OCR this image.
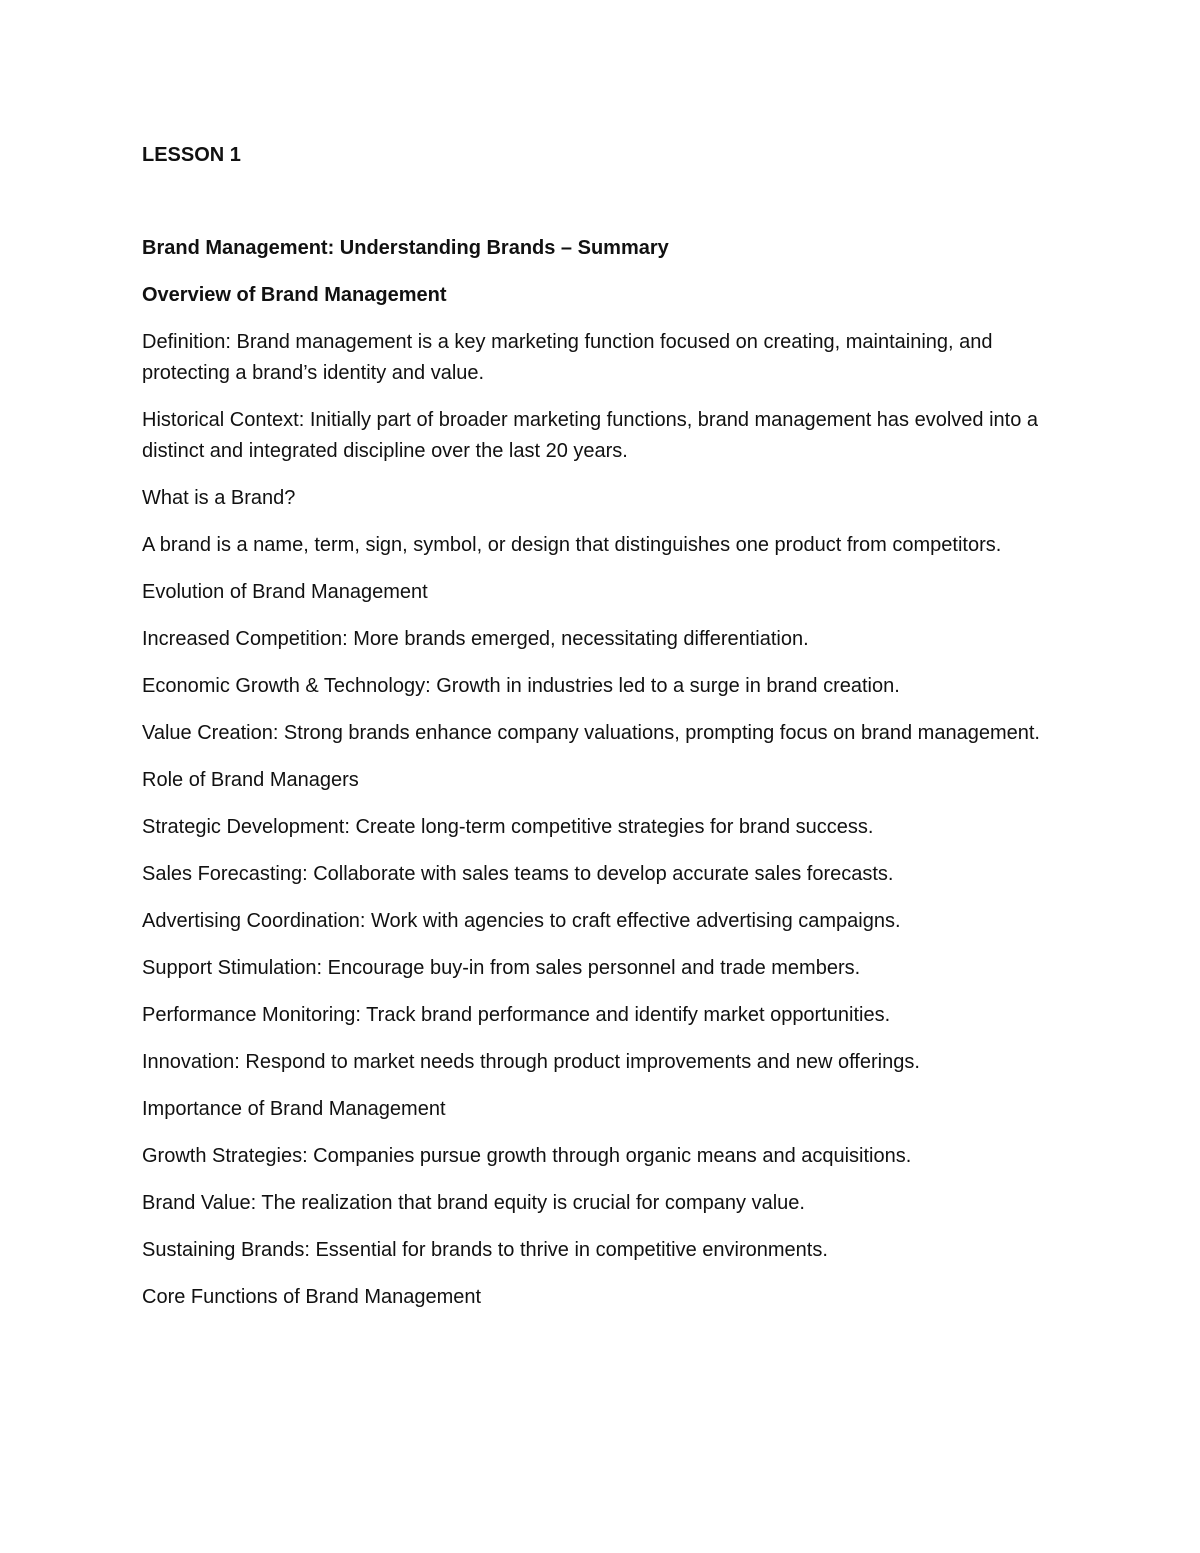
LESSON 1

Brand Management: Understanding Brands – Summary

Overview of Brand Management

Definition: Brand management is a key marketing function focused on creating, maintaining, and protecting a brand’s identity and value.

Historical Context: Initially part of broader marketing functions, brand management has evolved into a distinct and integrated discipline over the last 20 years.

What is a Brand?

A brand is a name, term, sign, symbol, or design that distinguishes one product from competitors.

Evolution of Brand Management

Increased Competition: More brands emerged, necessitating differentiation.

Economic Growth & Technology: Growth in industries led to a surge in brand creation.

Value Creation: Strong brands enhance company valuations, prompting focus on brand management.

Role of Brand Managers

Strategic Development: Create long-term competitive strategies for brand success.

Sales Forecasting: Collaborate with sales teams to develop accurate sales forecasts.

Advertising Coordination: Work with agencies to craft effective advertising campaigns.

Support Stimulation: Encourage buy-in from sales personnel and trade members.

Performance Monitoring: Track brand performance and identify market opportunities.

Innovation: Respond to market needs through product improvements and new offerings.

Importance of Brand Management

Growth Strategies: Companies pursue growth through organic means and acquisitions.

Brand Value: The realization that brand equity is crucial for company value.

Sustaining Brands: Essential for brands to thrive in competitive environments.

Core Functions of Brand Management
